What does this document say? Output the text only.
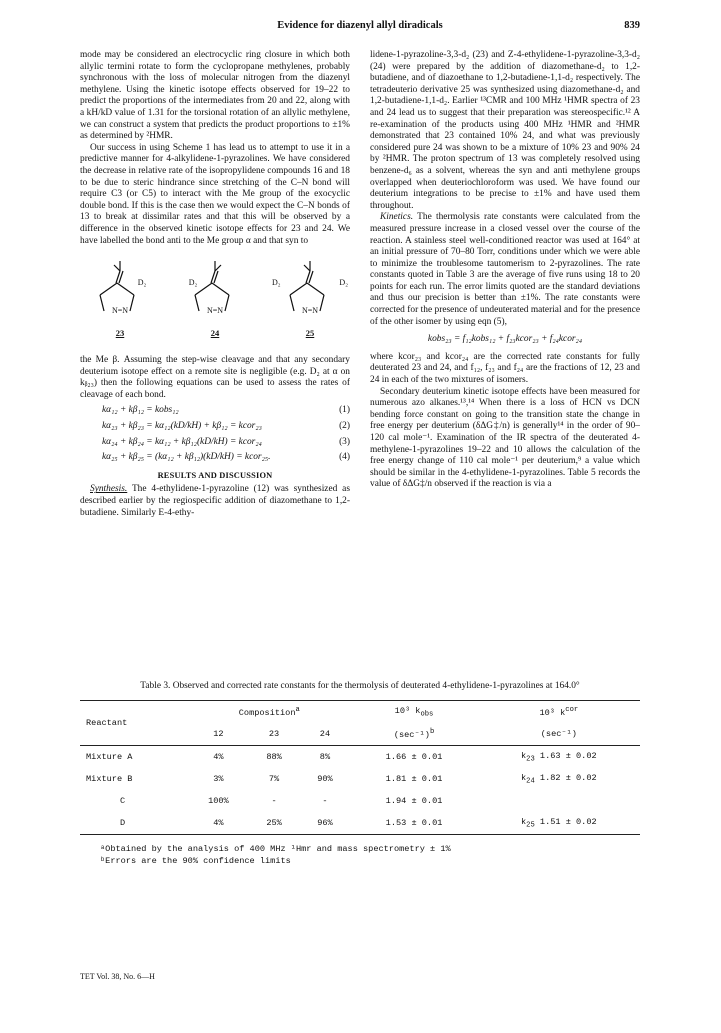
Evidence for diazenyl allyl diradicals	839

mode may be considered an electrocyclic ring closure in which both allylic termini rotate to form the cyclopropane methylenes, probably synchronous with the loss of molecular nitrogen from the diazenyl methylene. Using the kinetic isotope effects observed for 19–22 to predict the proportions of the intermediates from 20 and 22, along with a kH/kD value of 1.31 for the torsional rotation of an allylic methylene, we can construct a system that predicts the product proportions to ±1% as determined by ²HMR.

Our success in using Scheme 1 has lead us to attempt to use it in a predictive manner for 4-alkylidene-1-pyrazolines. We have considered the decrease in relative rate of the isopropylidene compounds 16 and 18 to be due to steric hindrance since stretching of the C–N bond will require C3 (or C5) to interact with the Me group of the exocyclic double bond. If this is the case then we would expect the C–N bonds of 13 to break at dissimilar rates and that this will be observed by a difference in the observed kinetic isotope effects for 23 and 24. We have labelled the bond anti to the Me group α and that syn to

D₂
N=N
23
D₂
N=N
24
D₂	D₂
N=N
25

the Me β. Assuming the step-wise cleavage and that any secondary deuterium isotope effect on a remote site is negligible (e.g. D₂ at α on kᵦ₂₃) then the following equations can be used to assess the rates of cleavage of each bond.

kα₁₂ + kβ₁₂ = kobs₁₂	(1)
kα₂₃ + kβ₂₃ = kα₁₂(kD/kH) + kβ₁₂ = kcor₂₃	(2)
kα₂₄ + kβ₂₄ = kα₁₂ + kβ₁₂(kD/kH) = kcor₂₄	(3)
kα₂₅ + kβ₂₅ = (kα₁₂ + kβ₁₂)(kD/kH) = kcor₂₅.	(4)
RESULTS AND DISCUSSION

Synthesis. The 4-ethylidene-1-pyrazoline (12) was synthesized as described earlier by the regiospecific addition of diazomethane to 1,2-butadiene. Similarly E-4-ethy-

lidene-1-pyrazoline-3,3-d₂ (23) and Z-4-ethylidene-1-pyrazoline-3,3-d₂ (24) were prepared by the addition of diazomethane-d₂ to 1,2-butadiene, and of diazoethane to 1,2-butadiene-1,1-d₂ respectively. The tetradeuterio derivative 25 was synthesized using diazomethane-d₂ and 1,2-butadiene-1,1-d₂. Earlier ¹³CMR and 100 MHz ¹HMR spectra of 23 and 24 lead us to suggest that their preparation was stereospecific.¹² A re-examination of the products using 400 MHz ¹HMR and ²HMR demonstrated that 23 contained 10% 24, and what was previously considered pure 24 was shown to be a mixture of 10% 23 and 90% 24 by ²HMR. The proton spectrum of 13 was completely resolved using benzene-d₆ as a solvent, whereas the syn and anti methylene groups overlapped when deuteriochloroform was used. We have found our deuterium integrations to be precise to ±1% and have used them throughout.

Kinetics. The thermolysis rate constants were calculated from the measured pressure increase in a closed vessel over the course of the reaction. A stainless steel well-conditioned reactor was used at 164° at an initial pressure of 70–80 Torr, conditions under which we were able to minimize the troublesome tautomerism to 2-pyrazolines. The rate constants quoted in Table 3 are the average of five runs using 18 to 20 points for each run. The error limits quoted are the standard deviations and thus our precision is better than ±1%. The rate constants were corrected for the presence of undeuterated material and for the presence of the other isomer by using eqn (5),

kobs₂₃ = f₁₂kobs₁₂ + f₂₃kcor₂₃ + f₂₄kcor₂₄

where kcor₂₃ and kcor₂₄ are the corrected rate constants for fully deuterated 23 and 24, and f₁₂, f₂₃ and f₂₄ are the fractions of 12, 23 and 24 in each of the two mixtures of isomers.

Secondary deuterium kinetic isotope effects have been measured for numerous azo alkanes.¹³,¹⁴ When there is a loss of HCN vs DCN bending force constant on going to the transition state the change in free energy per deuterium (δΔG‡/n) is generally¹⁴ in the order of 90–120 cal mole⁻¹. Examination of the IR spectra of the deuterated 4-methylene-1-pyrazolines 19–22 and 10 allows the calculation of the free energy change of 110 cal mole⁻¹ per deuterium,⁹ a value which should be similar in the 4-ethylidene-1-pyrazolines. Table 5 records the value of δΔG‡/n observed if the reaction is via a

Table 3. Observed and corrected rate constants for the thermolysis of deuterated 4-ethylidene-1-pyrazolines at 164.0°
Reactant	Composition$^a$			10³ $k_{obs}$	10³ $k^{cor}$
	12	23	24	$(\sec^{-1})^b$	(sec⁻¹)
Mixture A	4%	88%	8%	1.66 ± 0.01	$k_{23}$ 1.63 ± 0.02
Mixture B	3%	7%	90%	1.81 ± 0.01	$k_{24}$ 1.82 ± 0.02
C	100%	-	-	1.94 ± 0.01	
D	4%	25%	96%	1.53 ± 0.01	$k_{25}$ 1.51 ± 0.02
ᵃObtained by the analysis of 400 MHz ¹Hmr and mass spectrometry ± 1%
ᵇErrors are the 90% confidence limits
TET Vol. 38, No. 6—H
